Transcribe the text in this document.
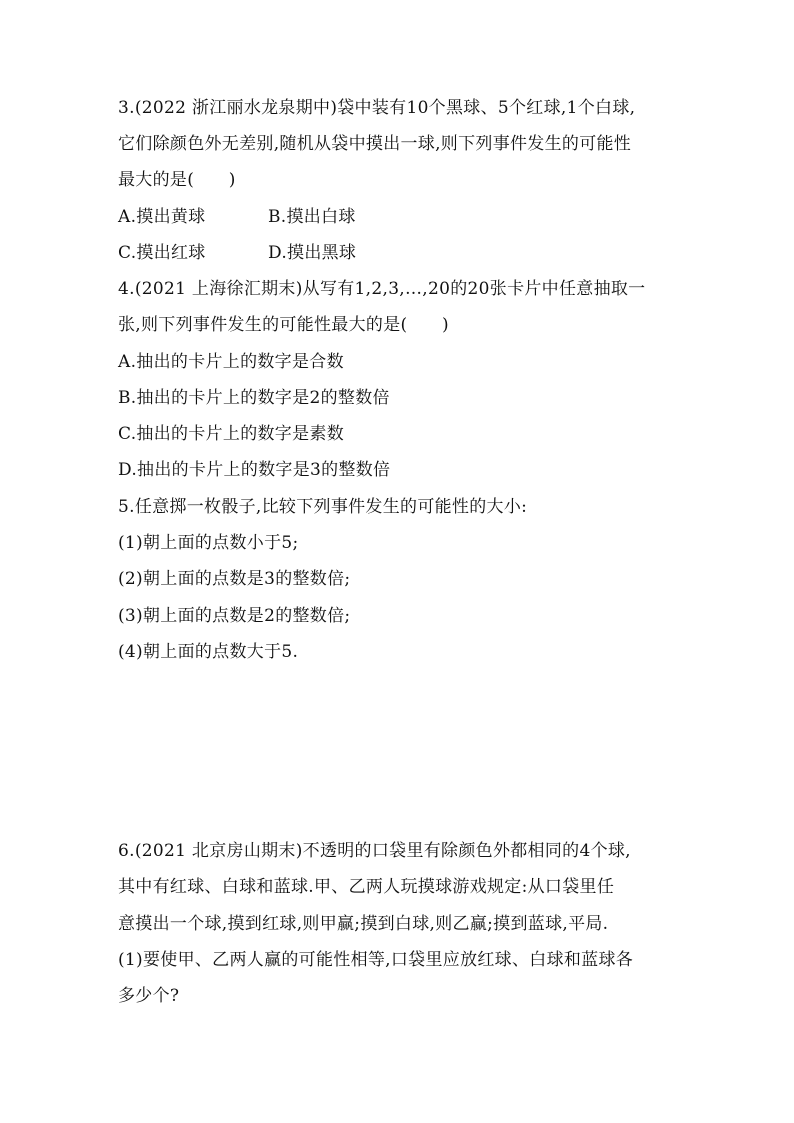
3.(2022 浙江丽水龙泉期中)袋中装有10个黑球、5个红球,1个白球,
它们除颜色外无差别,随机从袋中摸出一球,则下列事件发生的可能性
最大的是(　　)
A.摸出黄球	B.摸出白球
C.摸出红球	D.摸出黑球
4.(2021 上海徐汇期末)从写有1,2,3,…,20的20张卡片中任意抽取一
张,则下列事件发生的可能性最大的是(　　)
A.抽出的卡片上的数字是合数
B.抽出的卡片上的数字是2的整数倍
C.抽出的卡片上的数字是素数
D.抽出的卡片上的数字是3的整数倍
5.任意掷一枚骰子,比较下列事件发生的可能性的大小:
(1)朝上面的点数小于5;
(2)朝上面的点数是3的整数倍;
(3)朝上面的点数是2的整数倍;
(4)朝上面的点数大于5.
6.(2021 北京房山期末)不透明的口袋里有除颜色外都相同的4个球,
其中有红球、白球和蓝球.甲、乙两人玩摸球游戏规定:从口袋里任
意摸出一个球,摸到红球,则甲赢;摸到白球,则乙赢;摸到蓝球,平局.
(1)要使甲、乙两人赢的可能性相等,口袋里应放红球、白球和蓝球各
多少个?
